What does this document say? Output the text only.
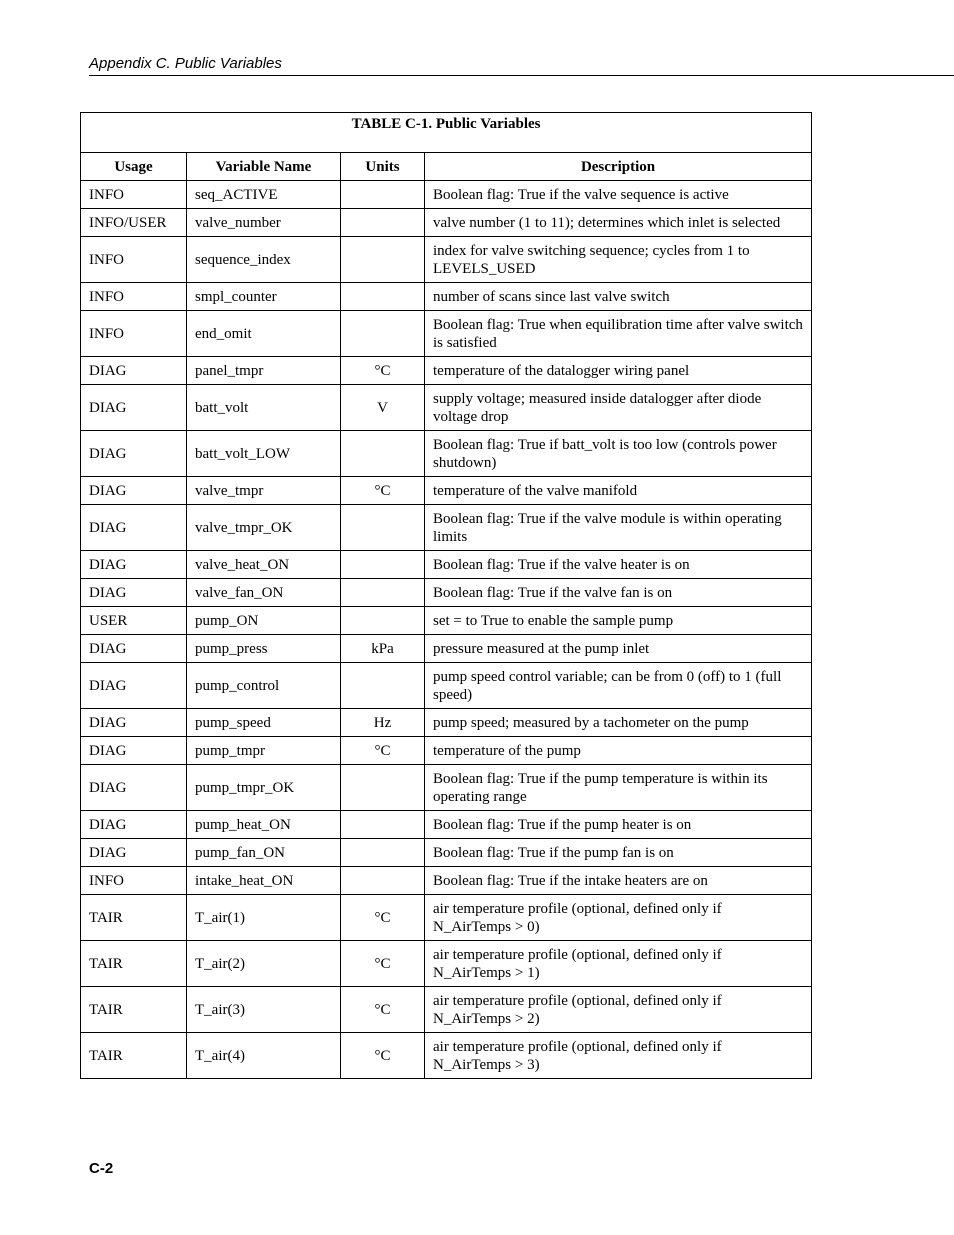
Appendix C. Public Variables
TABLE C-1. Public Variables			
Usage	Variable Name	Units	Description
INFO	seq_ACTIVE		Boolean flag: True if the valve sequence is active
INFO/USER	valve_number		valve number (1 to 11); determines which inlet is selected
INFO	sequence_index		index for valve switching sequence; cycles from 1 to LEVELS_USED
INFO	smpl_counter		number of scans since last valve switch
INFO	end_omit		Boolean flag: True when equilibration time after valve switch is satisfied
DIAG	panel_tmpr	°C	temperature of the datalogger wiring panel
DIAG	batt_volt	V	supply voltage; measured inside datalogger after diode voltage drop
DIAG	batt_volt_LOW		Boolean flag: True if batt_volt is too low (controls power shutdown)
DIAG	valve_tmpr	°C	temperature of the valve manifold
DIAG	valve_tmpr_OK		Boolean flag: True if the valve module is within operating limits
DIAG	valve_heat_ON		Boolean flag: True if the valve heater is on
DIAG	valve_fan_ON		Boolean flag: True if the valve fan is on
USER	pump_ON		set = to True to enable the sample pump
DIAG	pump_press	kPa	pressure measured at the pump inlet
DIAG	pump_control		pump speed control variable; can be from 0 (off) to 1 (full speed)
DIAG	pump_speed	Hz	pump speed; measured by a tachometer on the pump
DIAG	pump_tmpr	°C	temperature of the pump
DIAG	pump_tmpr_OK		Boolean flag: True if the pump temperature is within its operating range
DIAG	pump_heat_ON		Boolean flag: True if the pump heater is on
DIAG	pump_fan_ON		Boolean flag: True if the pump fan is on
INFO	intake_heat_ON		Boolean flag: True if the intake heaters are on
TAIR	T_air(1)	°C	air temperature profile (optional, defined only if N_AirTemps > 0)
TAIR	T_air(2)	°C	air temperature profile (optional, defined only if N_AirTemps > 1)
TAIR	T_air(3)	°C	air temperature profile (optional, defined only if N_AirTemps > 2)
TAIR	T_air(4)	°C	air temperature profile (optional, defined only if N_AirTemps > 3)
C-2
